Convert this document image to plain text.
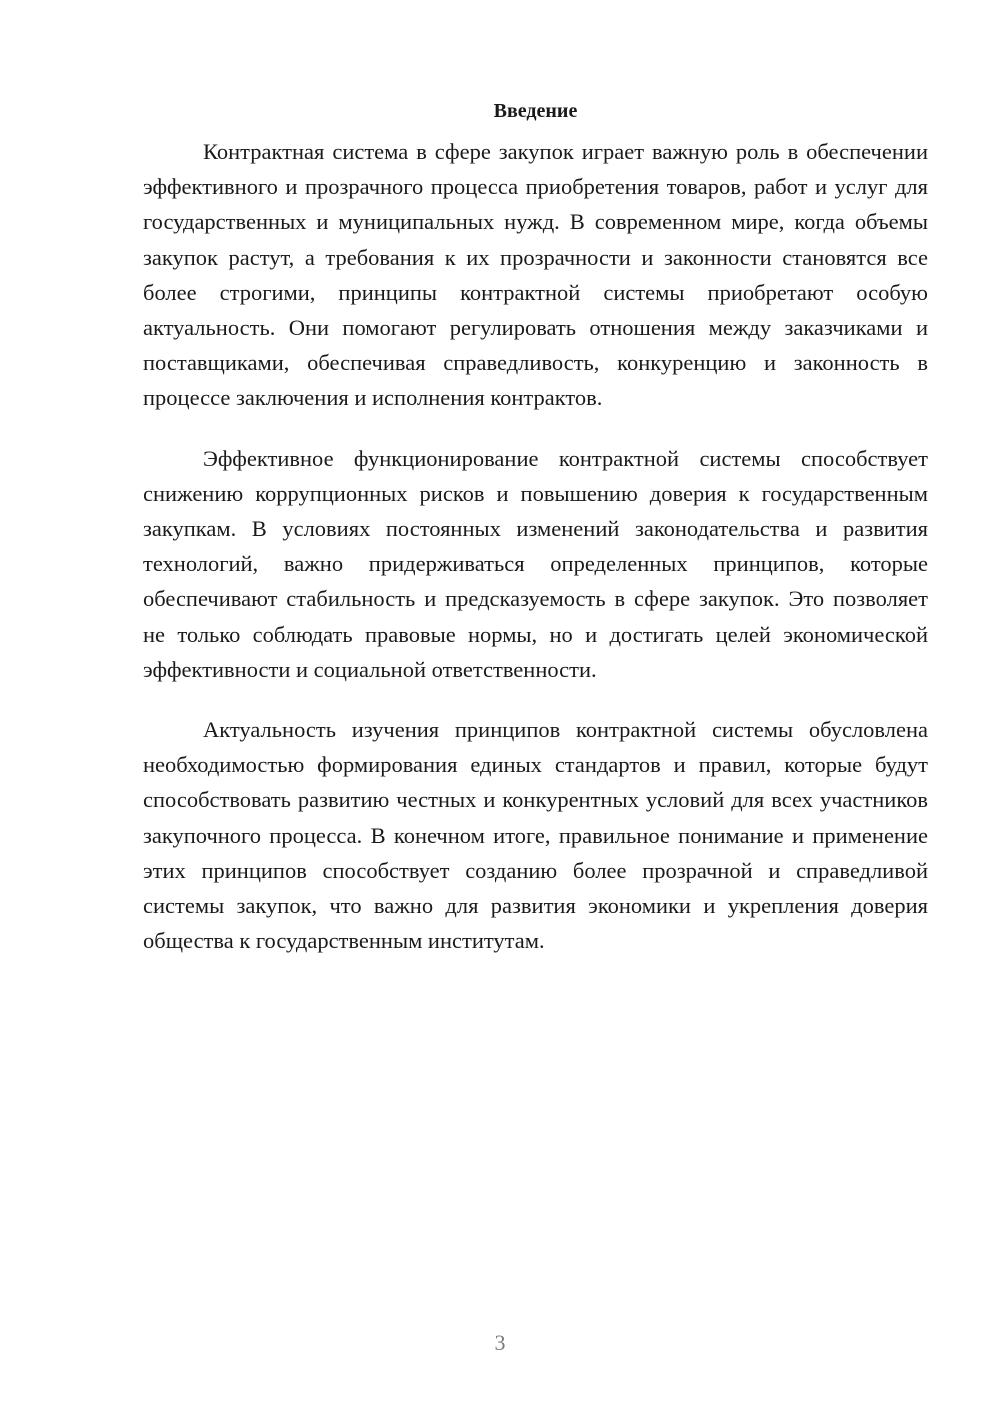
Введение

Контрактная система в сфере закупок играет важную роль в обеспечении эффективного и прозрачного процесса приобретения товаров, работ и услуг для государственных и муниципальных нужд. В современном мире, когда объемы закупок растут, а требования к их прозрачности и законности становятся все более строгими, принципы контрактной системы приобретают особую актуальность. Они помогают регулировать отношения между заказчиками и поставщиками, обеспечивая справедливость, конкуренцию и законность в процессе заключения и исполнения контрактов.

Эффективное функционирование контрактной системы способствует снижению коррупционных рисков и повышению доверия к государственным закупкам. В условиях постоянных изменений законодательства и развития технологий, важно придерживаться определенных принципов, которые обеспечивают стабильность и предсказуемость в сфере закупок. Это позволяет не только соблюдать правовые нормы, но и достигать целей экономической эффективности и социальной ответственности.

Актуальность изучения принципов контрактной системы обусловлена необходимостью формирования единых стандартов и правил, которые будут способствовать развитию честных и конкурентных условий для всех участников закупочного процесса. В конечном итоге, правильное понимание и применение этих принципов способствует созданию более прозрачной и справедливой системы закупок, что важно для развития экономики и укрепления доверия общества к государственным институтам.

3
